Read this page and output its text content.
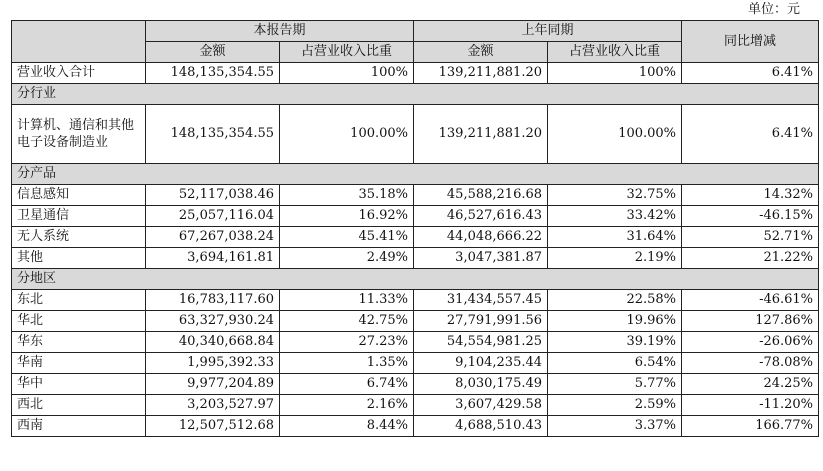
单位：元
	本报告期		上年同期		同比增减
	金额	占营业收入比重	金额	占营业收入比重	
营业收入合计	148,135,354.55	100%	139,211,881.20	100%	6.41%
分行业					
计算机、通信和其他电子设备制造业	148,135,354.55	100.00%	139,211,881.20	100.00%	6.41%
分产品					
信息感知	52,117,038.46	35.18%	45,588,216.68	32.75%	14.32%
卫星通信	25,057,116.04	16.92%	46,527,616.43	33.42%	-46.15%
无人系统	67,267,038.24	45.41%	44,048,666.22	31.64%	52.71%
其他	3,694,161.81	2.49%	3,047,381.87	2.19%	21.22%
分地区					
东北	16,783,117.60	11.33%	31,434,557.45	22.58%	-46.61%
华北	63,327,930.24	42.75%	27,791,991.56	19.96%	127.86%
华东	40,340,668.84	27.23%	54,554,981.25	39.19%	-26.06%
华南	1,995,392.33	1.35%	9,104,235.44	6.54%	-78.08%
华中	9,977,204.89	6.74%	8,030,175.49	5.77%	24.25%
西北	3,203,527.97	2.16%	3,607,429.58	2.59%	-11.20%
西南	12,507,512.68	8.44%	4,688,510.43	3.37%	166.77%
